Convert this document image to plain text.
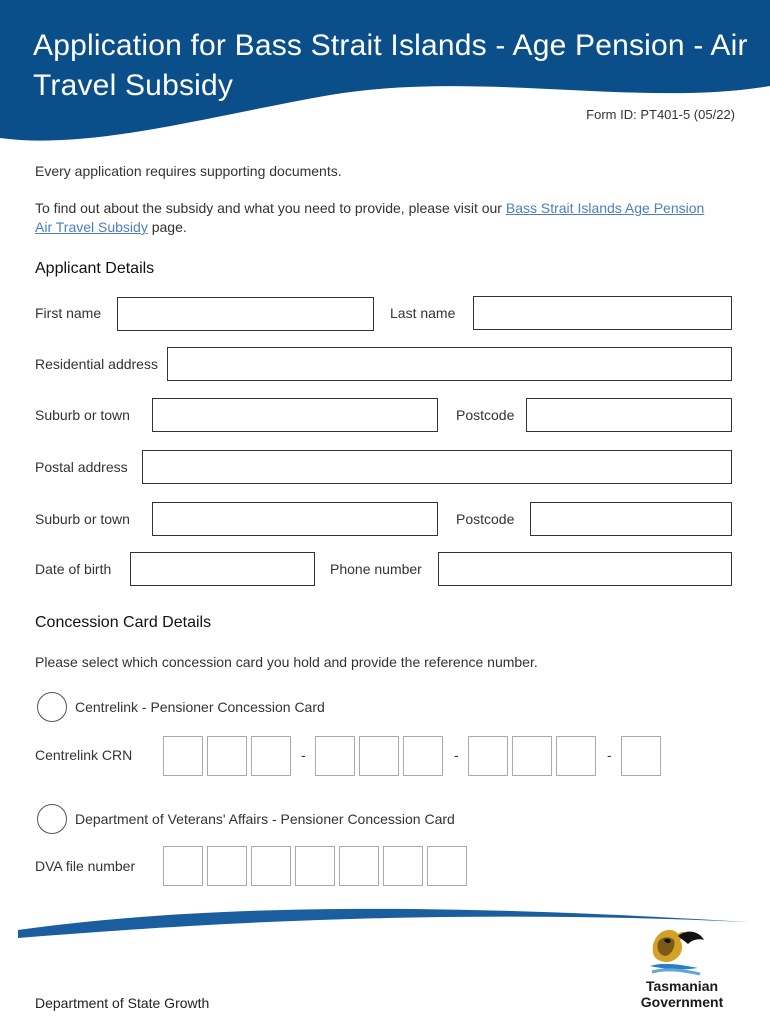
Application for Bass Strait Islands - Age Pension - Air Travel Subsidy
Form ID: PT401-5 (05/22)
Every application requires supporting documents.
To find out about the subsidy and what you need to provide, please visit our Bass Strait Islands Age Pension Air Travel Subsidy page.
Applicant Details
First name	Last name
Residential address
Suburb or town	Postcode
Postal address
Suburb or town	Postcode
Date of birth	Phone number
Concession Card Details
Please select which concession card you hold and provide the reference number.
Centrelink - Pensioner Concession Card
Centrelink CRN	-	-	-
Department of Veterans' Affairs - Pensioner Concession Card
DVA file number
Tasmanian
Government
Department of State Growth
